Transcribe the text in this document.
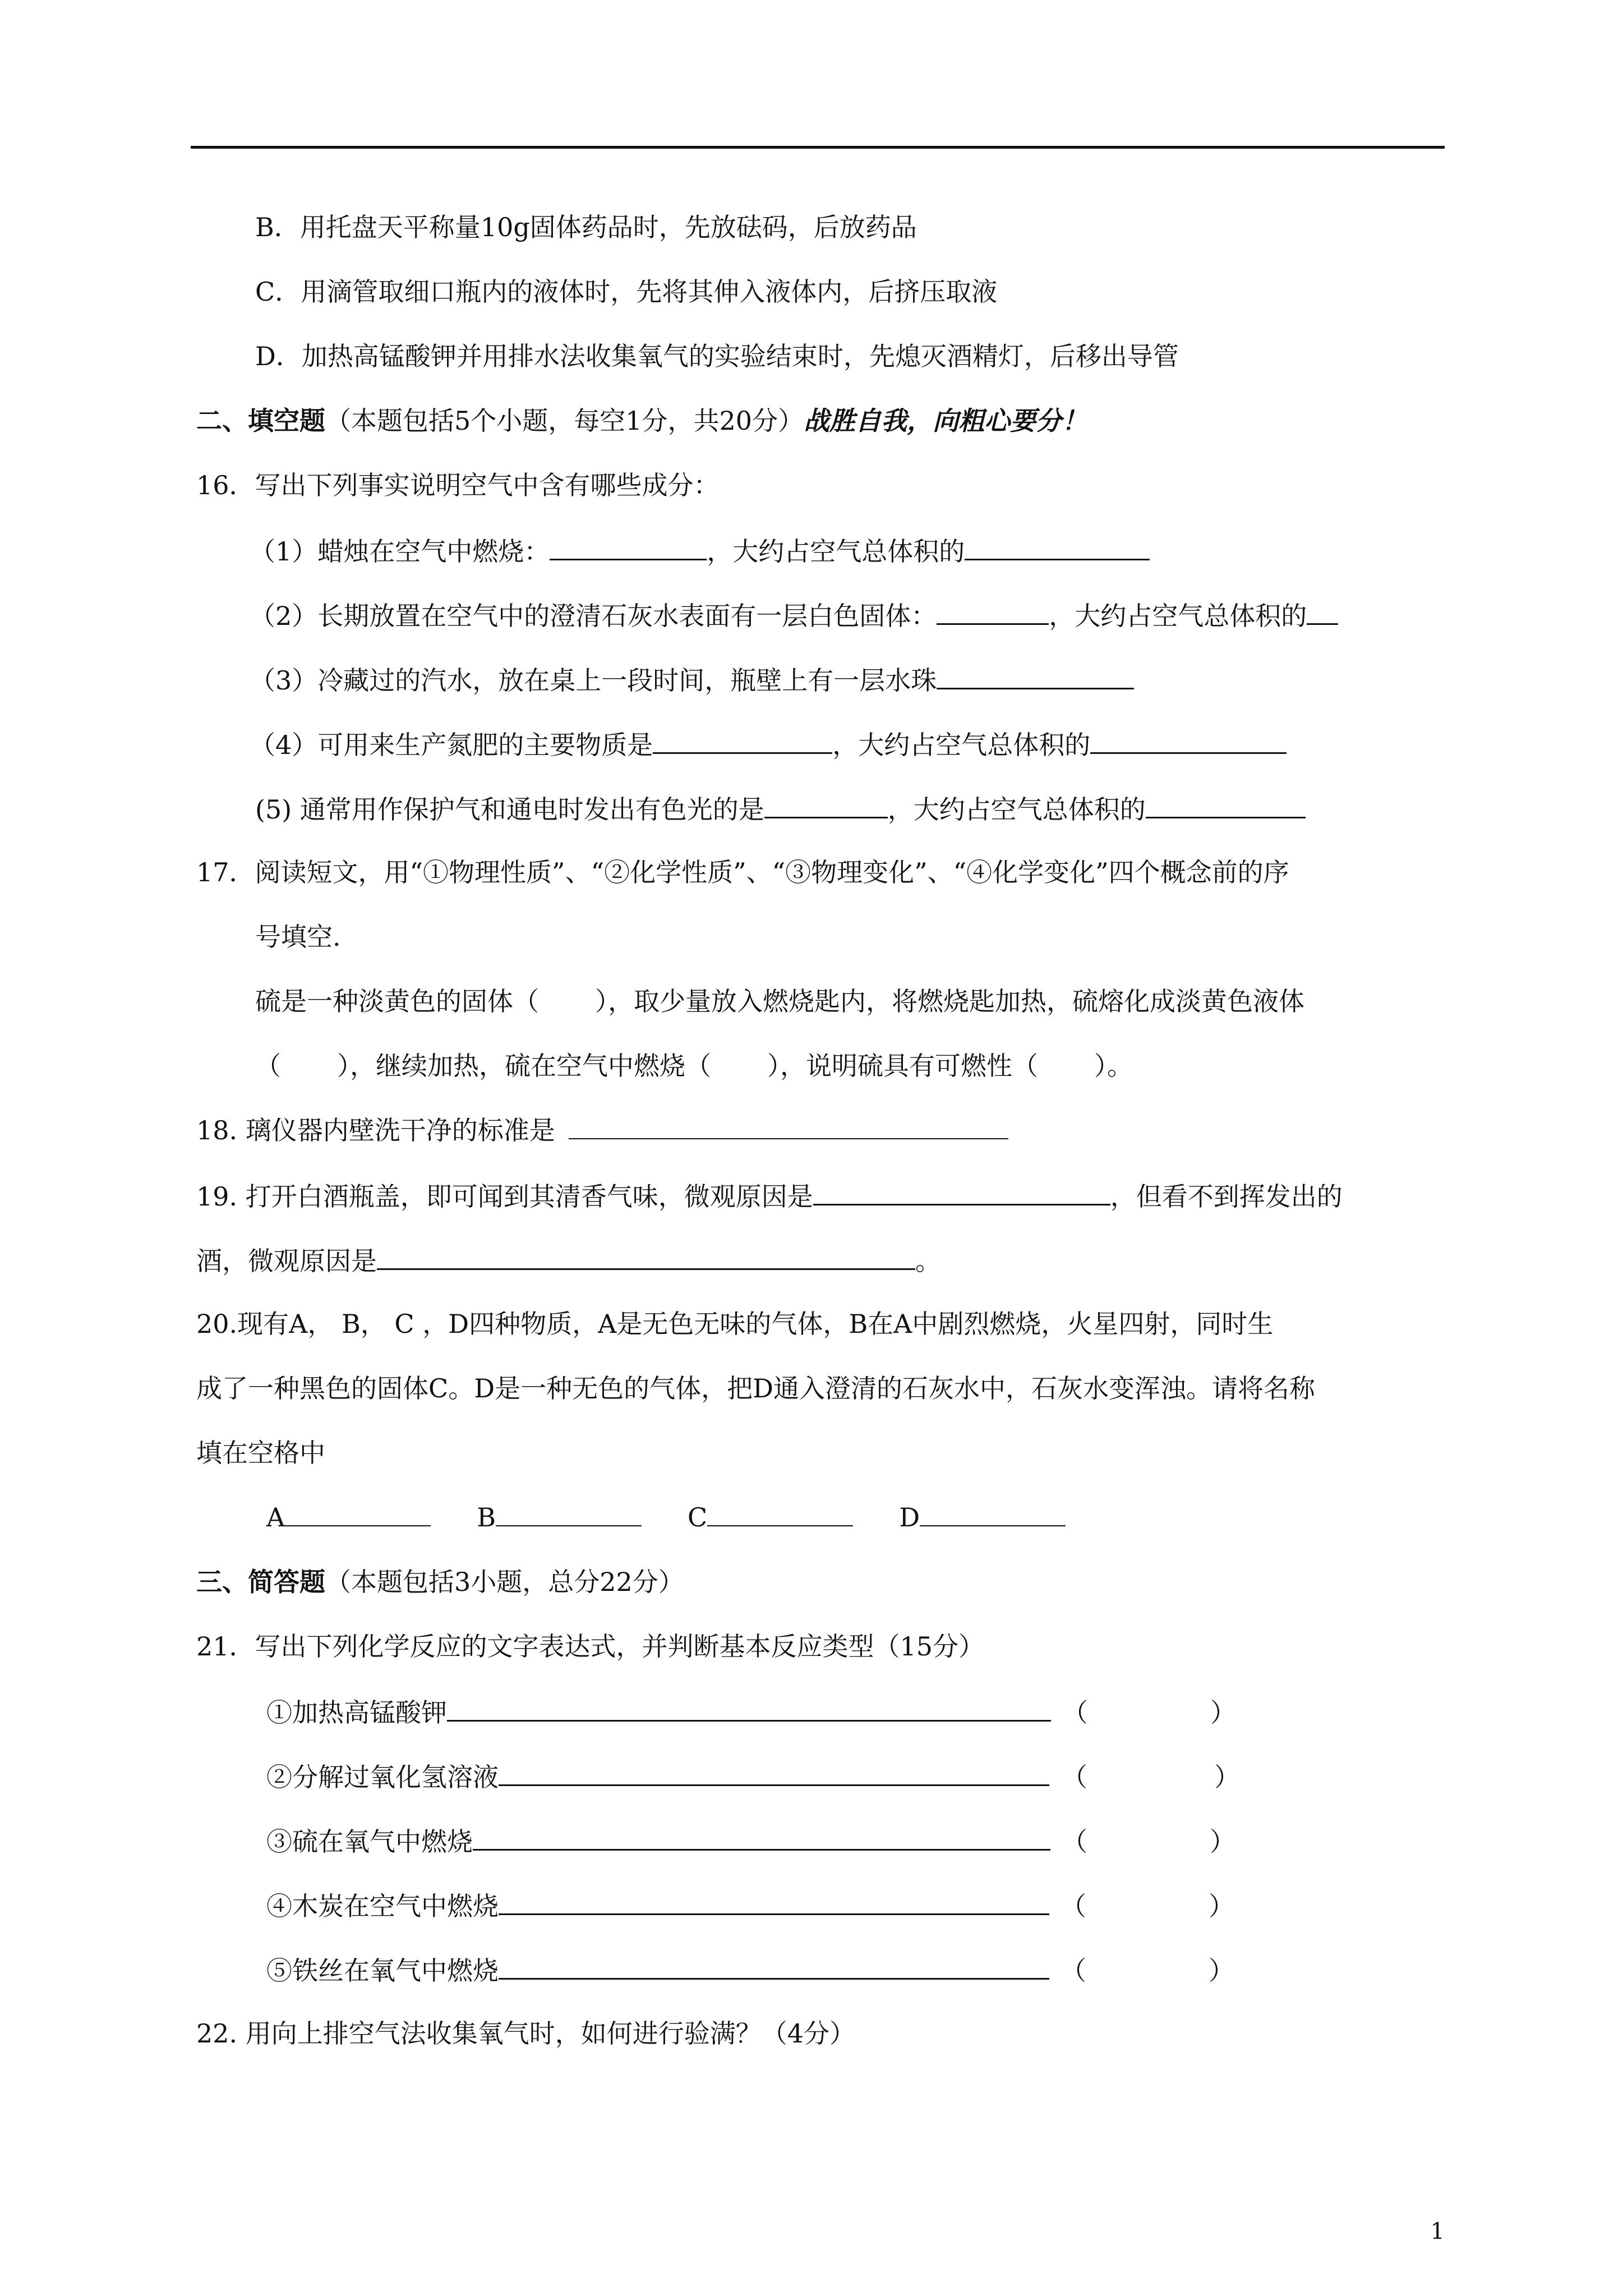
B．用托盘天平称量10g固体药品时，先放砝码，后放药品
C．用滴管取细口瓶内的液体时，先将其伸入液体内，后挤压取液
D．加热高锰酸钾并用排水法收集氧气的实验结束时，先熄灭酒精灯，后移出导管
二、填空题（本题包括5个小题，每空1分，共20分）战胜自我，向粗心要分！
16．写出下列事实说明空气中含有哪些成分：
（1）蜡烛在空气中燃烧：	，大约占空气总体积的
（2）长期放置在空气中的澄清石灰水表面有一层白色固体：	，大约占空气总体积的
（3）冷藏过的汽水，放在桌上一段时间，瓶壁上有一层水珠
（4）可用来生产氮肥的主要物质是	，大约占空气总体积的
(5) 通常用作保护气和通电时发出有色光的是	，大约占空气总体积的
17．阅读短文，用“①物理性质”、“②化学性质”、“③物理变化”、“④化学变化”四个概念前的序
号填空.
硫是一种淡黄色的固体（ ），取少量放入燃烧匙内，将燃烧匙加热，硫熔化成淡黄色液体
（ ），继续加热，硫在空气中燃烧（ ），说明硫具有可燃性（ ）。
18. 璃仪器内壁洗干净的标准是
19. 打开白酒瓶盖，即可闻到其清香气味，微观原因是	，但看不到挥发出的
酒，微观原因是	。
20.现有A， B， C ，D四种物质，A是无色无味的气体，B在A中剧烈燃烧，火星四射，同时生
成了一种黑色的固体C。D是一种无色的气体，把D通入澄清的石灰水中，石灰水变浑浊。请将名称
填在空格中
A	B	C	D
三、简答题（本题包括3小题，总分22分）
21．写出下列化学反应的文字表达式，并判断基本反应类型（15分）
①加热高锰酸钾	（	）
②分解过氧化氢溶液	（	）
③硫在氧气中燃烧	（	）
④木炭在空气中燃烧	（	）
⑤铁丝在氧气中燃烧	（	）
22. 用向上排空气法收集氧气时，如何进行验满？（4分）
1
